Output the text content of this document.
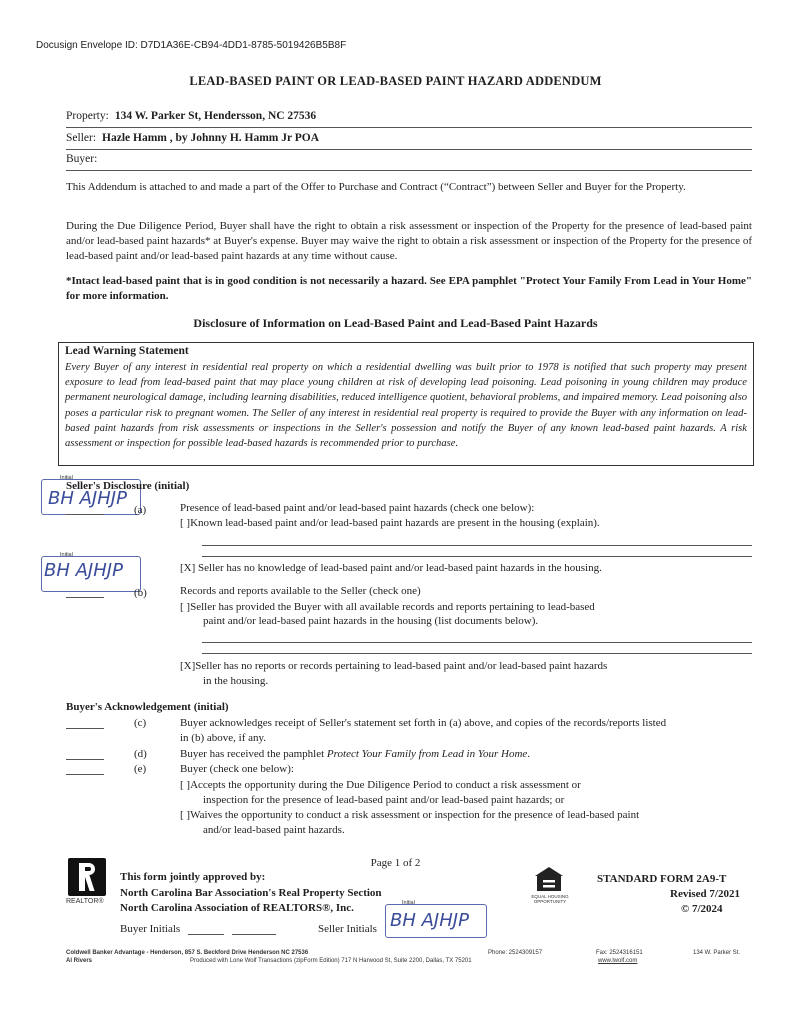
Docusign Envelope ID: D7D1A36E-CB94-4DD1-8785-5019426B5B8F
LEAD-BASED PAINT OR LEAD-BASED PAINT HAZARD ADDENDUM
Property: 134 W. Parker St, Hendersson, NC 27536
Seller: Hazle Hamm , by Johnny H. Hamm Jr POA
Buyer:
This Addendum is attached to and made a part of the Offer to Purchase and Contract (“Contract”) between Seller and Buyer for the Property.
During the Due Diligence Period, Buyer shall have the right to obtain a risk assessment or inspection of the Property for the presence of lead-based paint and/or lead-based paint hazards* at Buyer's expense. Buyer may waive the right to obtain a risk assessment or inspection of the Property for the presence of lead-based paint and/or lead-based paint hazards at any time without cause.
*Intact lead-based paint that is in good condition is not necessarily a hazard. See EPA pamphlet "Protect Your Family From Lead in Your Home" for more information.
Disclosure of Information on Lead-Based Paint and Lead-Based Paint Hazards
Lead Warning Statement
Every Buyer of any interest in residential real property on which a residential dwelling was built prior to 1978 is notified that such property may present exposure to lead from lead-based paint that may place young children at risk of developing lead poisoning. Lead poisoning in young children may produce permanent neurological damage, including learning disabilities, reduced intelligence quotient, behavioral problems, and impaired memory. Lead poisoning also poses a particular risk to pregnant women. The Seller of any interest in residential real property is required to provide the Buyer with any information on lead-based paint hazards from risk assessments or inspections in the Seller's possession and notify the Buyer of any known lead-based paint hazards. A risk assessment or inspection for possible lead-based hazards is recommended prior to purchase.
Initial
Seller's Disclosure (initial)
BH AJHJP
(a)	Presence of lead-based paint and/or lead-based paint hazards (check one below):
[ ]Known lead-based paint and/or lead-based paint hazards are present in the housing (explain).
Initial
BH AJHJP	[X] Seller has no knowledge of lead-based paint and/or lead-based paint hazards in the housing.
(b)	Records and reports available to the Seller (check one)
[ ]Seller has provided the Buyer with all available records and reports pertaining to lead-based
paint and/or lead-based paint hazards in the housing (list documents below).
[X]Seller has no reports or records pertaining to lead-based paint and/or lead-based paint hazards
in the housing.
Buyer's Acknowledgement (initial)
(c)	Buyer acknowledges receipt of Seller's statement set forth in (a) above, and copies of the records/reports listed
in (b) above, if any.
(d)	Buyer has received the pamphlet Protect Your Family from Lead in Your Home.
(e)	Buyer (check one below):
[ ]Accepts the opportunity during the Due Diligence Period to conduct a risk assessment or
inspection for the presence of lead-based paint and/or lead-based paint hazards; or
[ ]Waives the opportunity to conduct a risk assessment or inspection for the presence of lead-based paint
and/or lead-based paint hazards.
Page 1 of 2
REALTOR®
This form jointly approved by:
North Carolina Bar Association's Real Property Section
North Carolina Association of REALTORS®, Inc.
EQUAL HOUSING OPPORTUNITY
STANDARD FORM 2A9-T
Revised 7/2021
© 7/2024
Buyer Initials	Seller Initials
Initial
BH AJHJP
Coldwell Banker Advantage - Henderson, 857 S. Beckford Drive Henderson NC 27536
Al Rivers
Phone: 2524309157	Fax: 2524316151	134 W. Parker St.
Produced with Lone Wolf Transactions (zipForm Edition) 717 N Harwood St, Suite 2200, Dallas, TX 75201	www.lwolf.com
